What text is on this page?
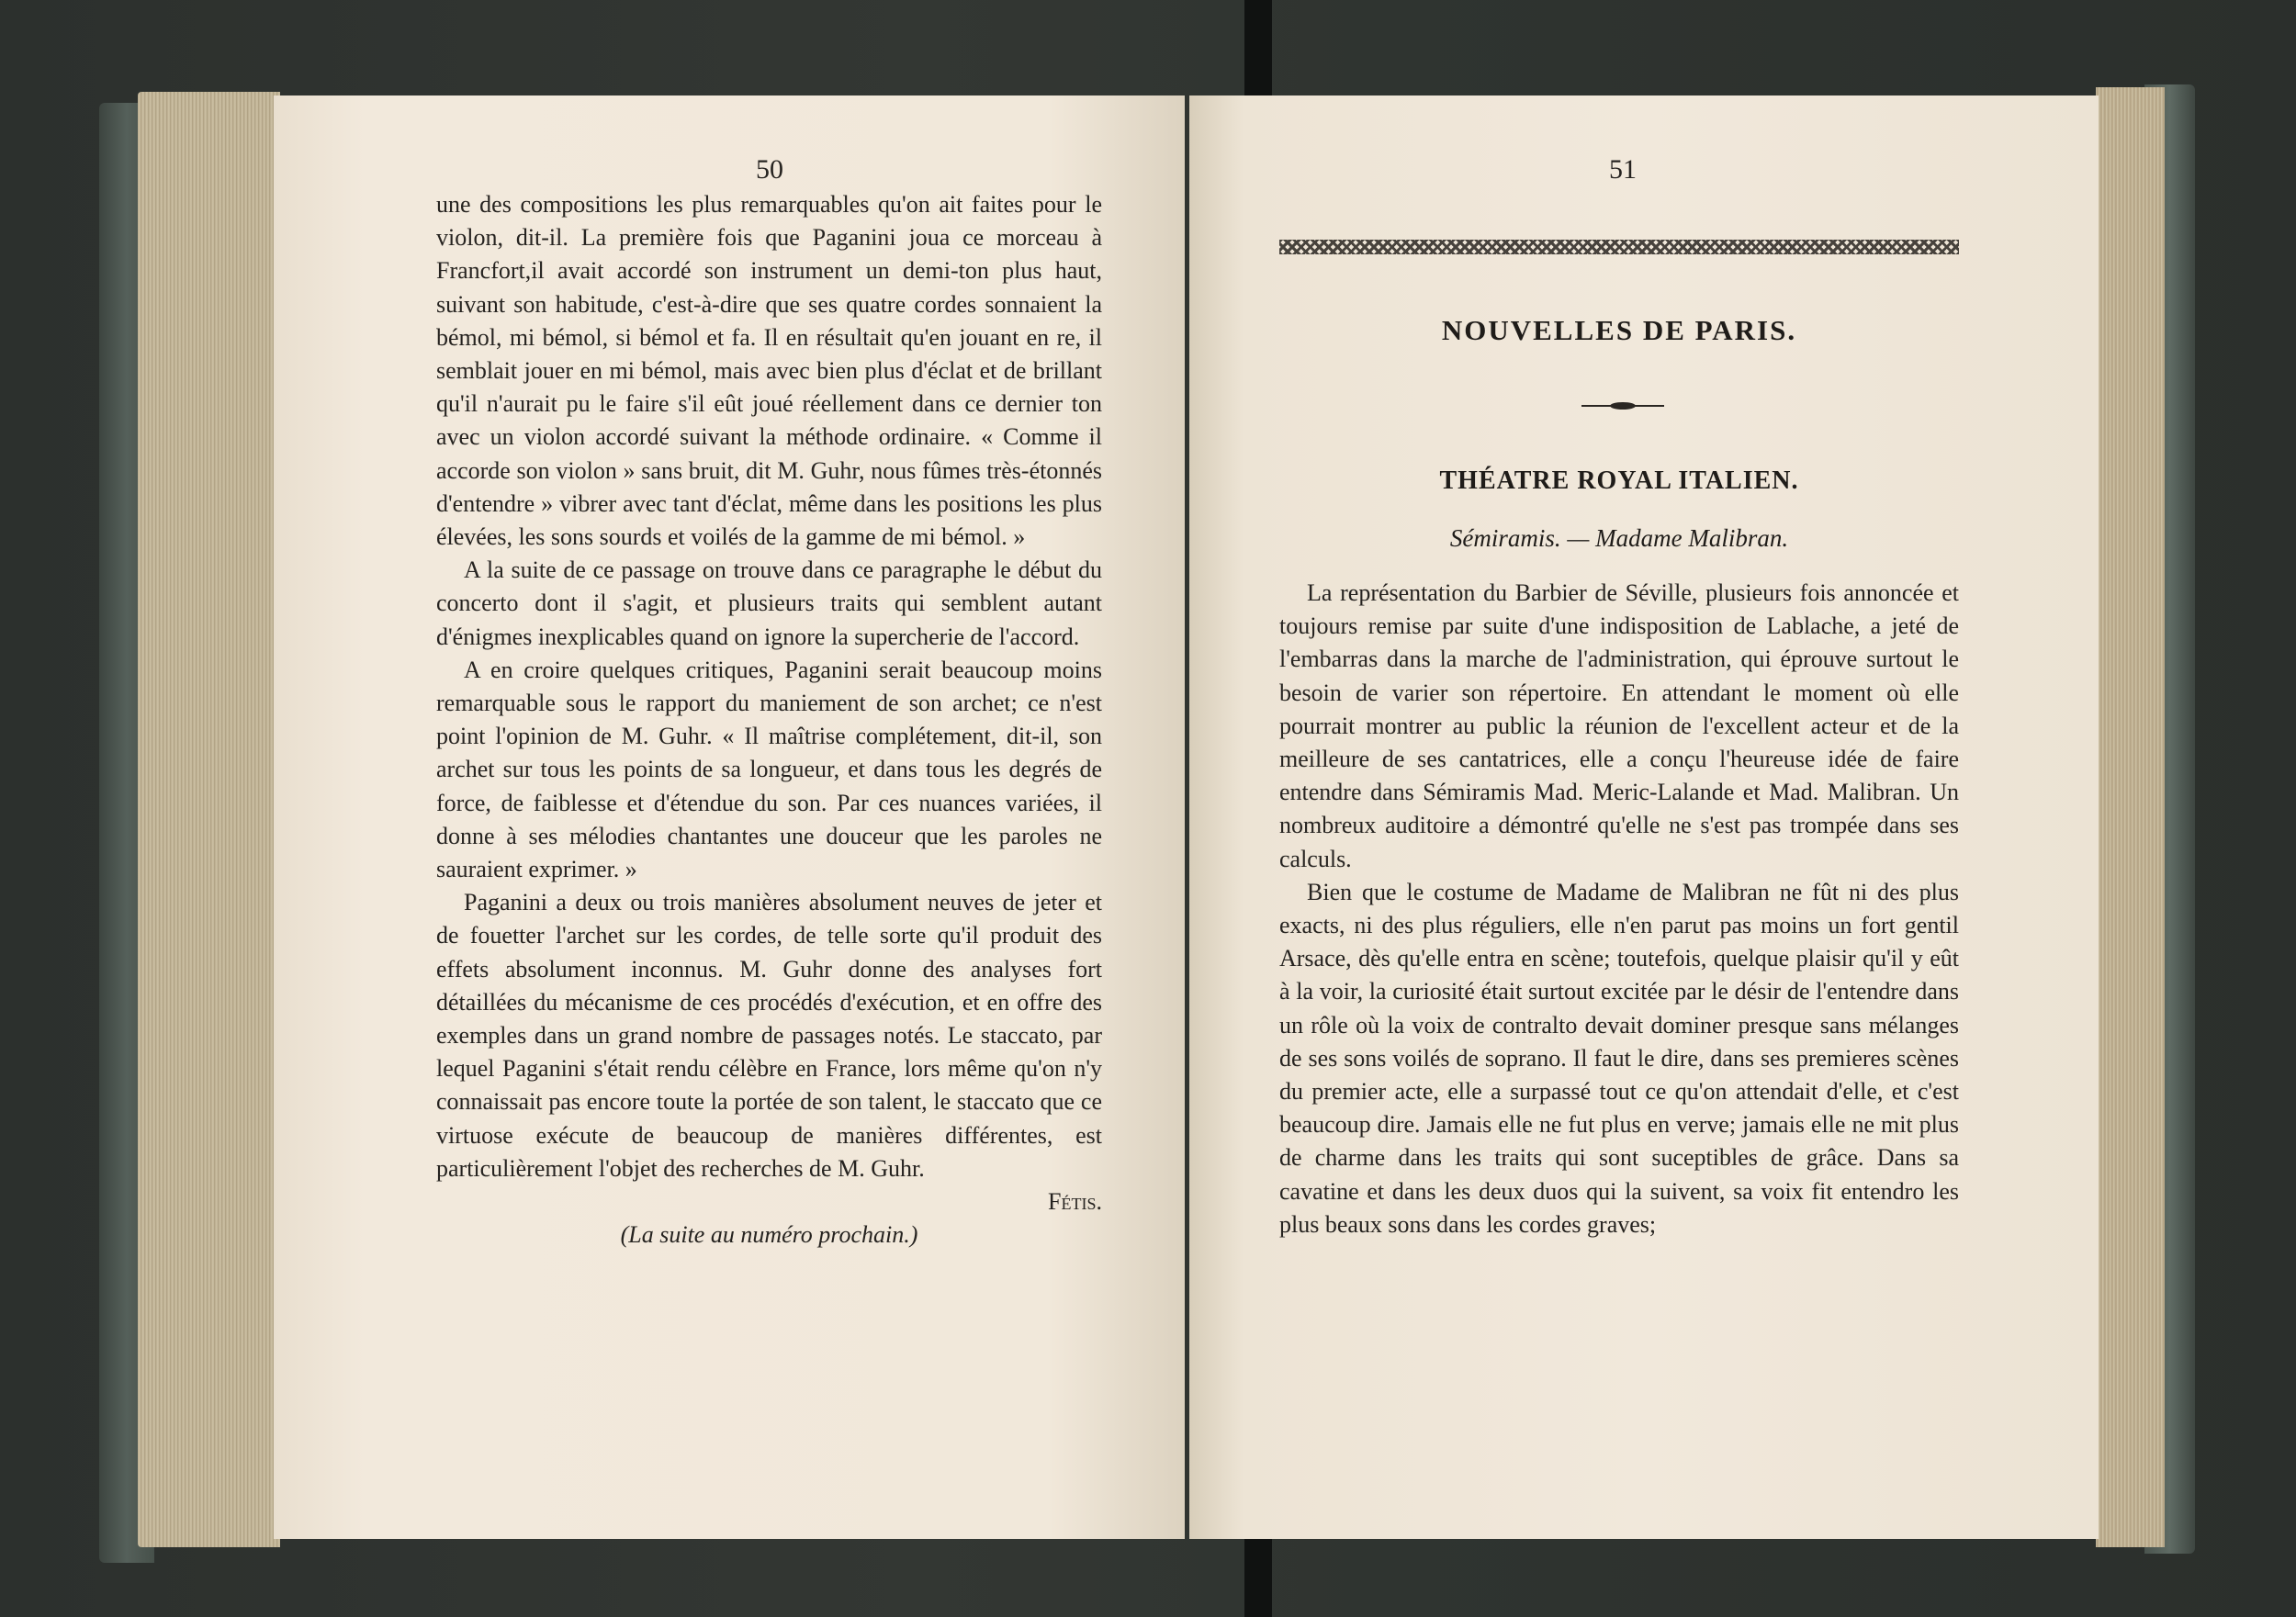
50

une des compositions les plus remarquables qu'on ait faites pour le violon, dit-il. La première fois que Paganini joua ce morceau à Francfort,il avait accordé son instrument un demi-ton plus haut, suivant son habitude, c'est-à-dire que ses quatre cordes sonnaient la bémol, mi bémol, si bémol et fa. Il en résultait qu'en jouant en re, il semblait jouer en mi bémol, mais avec bien plus d'éclat et de brillant qu'il n'aurait pu le faire s'il eût joué réellement dans ce dernier ton avec un violon accordé suivant la méthode ordinaire. « Comme il accorde son violon » sans bruit, dit M. Guhr, nous fûmes très-étonnés d'entendre » vibrer avec tant d'éclat, même dans les positions les plus élevées, les sons sourds et voilés de la gamme de mi bémol. »

A la suite de ce passage on trouve dans ce paragraphe le début du concerto dont il s'agit, et plusieurs traits qui semblent autant d'énigmes inexplicables quand on ignore la supercherie de l'accord.

A en croire quelques critiques, Paganini serait beaucoup moins remarquable sous le rapport du maniement de son archet; ce n'est point l'opinion de M. Guhr. « Il maîtrise complétement, dit-il, son archet sur tous les points de sa longueur, et dans tous les degrés de force, de faiblesse et d'étendue du son. Par ces nuances variées, il donne à ses mélodies chantantes une douceur que les paroles ne sauraient exprimer. »

Paganini a deux ou trois manières absolument neuves de jeter et de fouetter l'archet sur les cordes, de telle sorte qu'il produit des effets absolument inconnus. M. Guhr donne des analyses fort détaillées du mécanisme de ces procédés d'exécution, et en offre des exemples dans un grand nombre de passages notés. Le staccato, par lequel Paganini s'était rendu célèbre en France, lors même qu'on n'y connaissait pas encore toute la portée de son talent, le staccato que ce virtuose exécute de beaucoup de manières différentes, est particulièrement l'objet des recherches de M. Guhr.

Fétis.

(La suite au numéro prochain.)

51
NOUVELLES DE PARIS.
THÉATRE ROYAL ITALIEN.
Sémiramis. — Madame Malibran.

La représentation du Barbier de Séville, plusieurs fois annoncée et toujours remise par suite d'une indisposition de Lablache, a jeté de l'embarras dans la marche de l'administration, qui éprouve surtout le besoin de varier son répertoire. En attendant le moment où elle pourrait montrer au public la réunion de l'excellent acteur et de la meilleure de ses cantatrices, elle a conçu l'heureuse idée de faire entendre dans Sémiramis Mad. Meric-Lalande et Mad. Malibran. Un nombreux auditoire a démontré qu'elle ne s'est pas trompée dans ses calculs.

Bien que le costume de Madame de Malibran ne fût ni des plus exacts, ni des plus réguliers, elle n'en parut pas moins un fort gentil Arsace, dès qu'elle entra en scène; toutefois, quelque plaisir qu'il y eût à la voir, la curiosité était surtout excitée par le désir de l'entendre dans un rôle où la voix de contralto devait dominer presque sans mélanges de ses sons voilés de soprano. Il faut le dire, dans ses premieres scènes du premier acte, elle a surpassé tout ce qu'on attendait d'elle, et c'est beaucoup dire. Jamais elle ne fut plus en verve; jamais elle ne mit plus de charme dans les traits qui sont suceptibles de grâce. Dans sa cavatine et dans les deux duos qui la suivent, sa voix fit entendro les plus beaux sons dans les cordes graves;
